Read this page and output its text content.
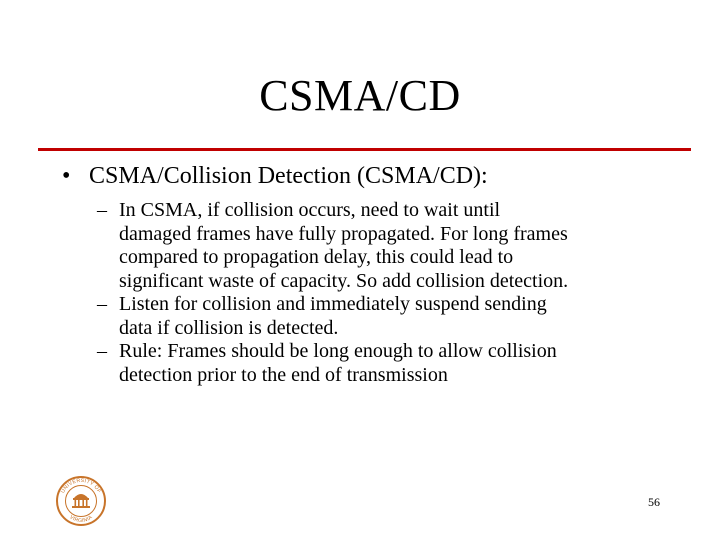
CSMA/CD
• CSMA/Collision Detection (CSMA/CD):
– In CSMA, if collision occurs, need to wait until
damaged frames have fully propagated. For long frames
compared to propagation delay, this could lead to
significant waste of capacity. So add collision detection.
– Listen for collision and immediately suspend sending
data if collision is detected.
– Rule: Frames should be long enough to allow collision
detection prior to the end of transmission
UNIVERSITY OF
VIRGINIA
56
